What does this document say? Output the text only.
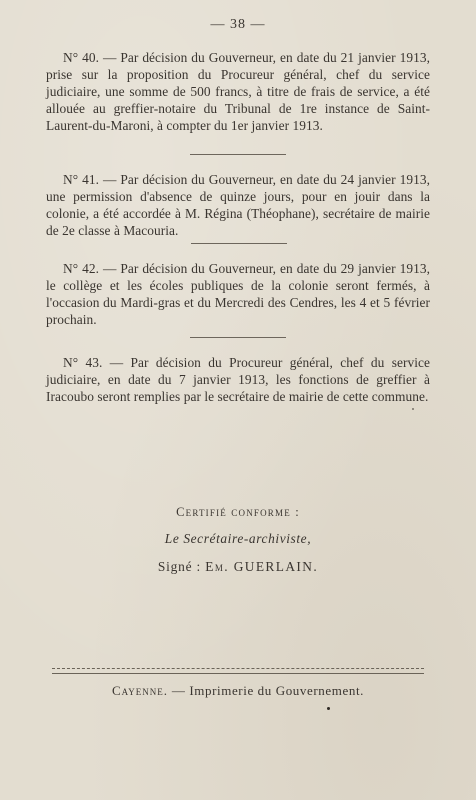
— 38 —

N° 40. — Par décision du Gouverneur, en date du 21 janvier 1913, prise sur la proposition du Procureur général, chef du service judiciaire, une somme de 500 francs, à titre de frais de service, a été allouée au greffier-notaire du Tribunal de 1re instance de Saint-Laurent-du-Maroni, à compter du 1er janvier 1913.

N° 41. — Par décision du Gouverneur, en date du 24 janvier 1913, une permission d'absence de quinze jours, pour en jouir dans la colonie, a été accordée à M. Régina (Théophane), secrétaire de mairie de 2e classe à Macouria.

N° 42. — Par décision du Gouverneur, en date du 29 janvier 1913, le collège et les écoles publiques de la colonie seront fermés, à l'occasion du Mardi-gras et du Mercredi des Cendres, les 4 et 5 février prochain.

N° 43. — Par décision du Procureur général, chef du service judiciaire, en date du 7 janvier 1913, les fonctions de greffier à Iracoubo seront remplies par le secrétaire de mairie de cette commune.

Certifié conforme :
Le Secrétaire-archiviste,
Signé : Em. GUERLAIN.
Cayenne. — Imprimerie du Gouvernement.
